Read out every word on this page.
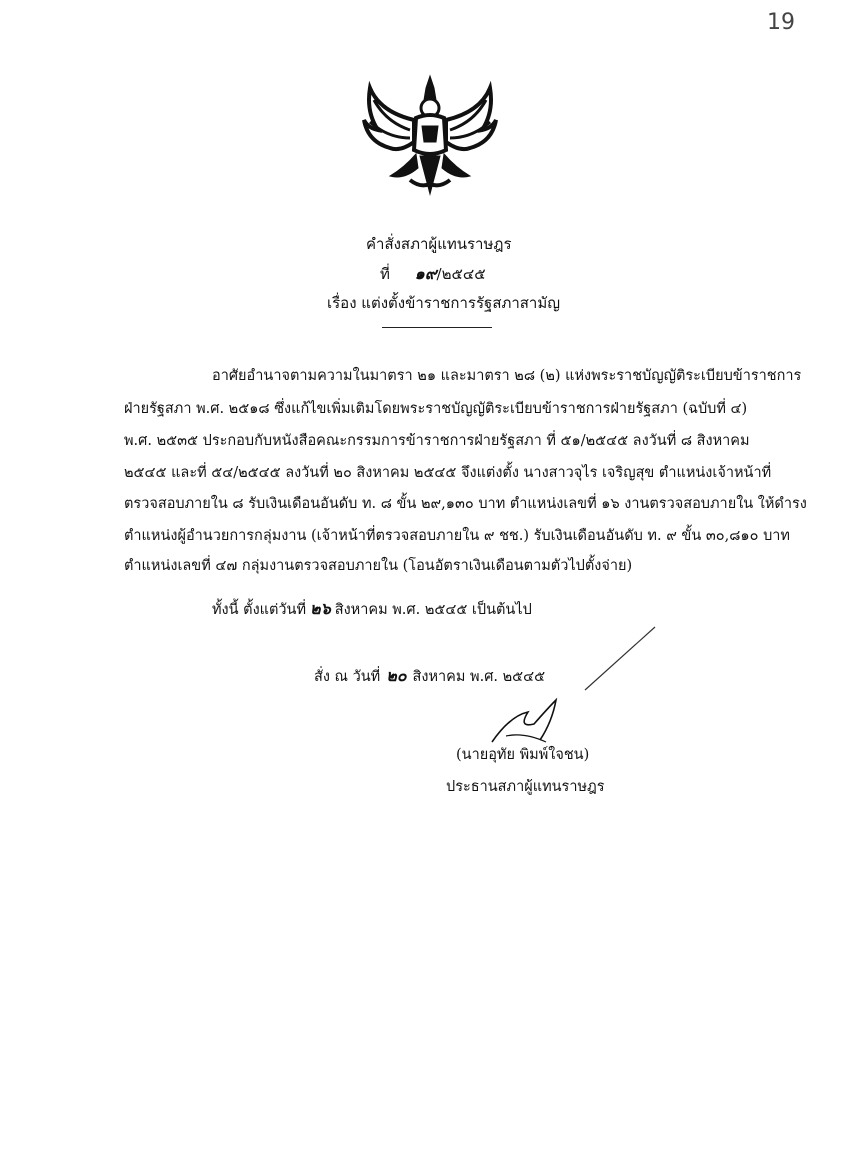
19
คำสั่งสภาผู้แทนราษฎร
ที่ ๑๙/๒๕๔๕
เรื่อง แต่งตั้งข้าราชการรัฐสภาสามัญ
อาศัยอำนาจตามความในมาตรา ๒๑ และมาตรา ๒๘ (๒) แห่งพระราชบัญญัติระเบียบข้าราชการ
ฝ่ายรัฐสภา พ.ศ. ๒๕๑๘ ซึ่งแก้ไขเพิ่มเติมโดยพระราชบัญญัติระเบียบข้าราชการฝ่ายรัฐสภา (ฉบับที่ ๔)
พ.ศ. ๒๕๓๕ ประกอบกับหนังสือคณะกรรมการข้าราชการฝ่ายรัฐสภา ที่ ๕๑/๒๕๔๕ ลงวันที่ ๘ สิงหาคม
๒๕๔๕ และที่ ๕๔/๒๕๔๕ ลงวันที่ ๒๐ สิงหาคม ๒๕๔๕ จึงแต่งตั้ง นางสาวจุไร เจริญสุข ตำแหน่งเจ้าหน้าที่
ตรวจสอบภายใน ๘ รับเงินเดือนอันดับ ท. ๘ ขั้น ๒๙,๑๓๐ บาท ตำแหน่งเลขที่ ๑๖ งานตรวจสอบภายใน ให้ดำรง
ตำแหน่งผู้อำนวยการกลุ่มงาน (เจ้าหน้าที่ตรวจสอบภายใน ๙ ชช.) รับเงินเดือนอันดับ ท. ๙ ขั้น ๓๐,๘๑๐ บาท
ตำแหน่งเลขที่ ๔๗ กลุ่มงานตรวจสอบภายใน (โอนอัตราเงินเดือนตามตัวไปตั้งจ่าย)
ทั้งนี้ ตั้งแต่วันที่ ๒๖ สิงหาคม พ.ศ. ๒๕๔๕ เป็นต้นไป
สั่ง ณ วันที่ ๒๐ สิงหาคม พ.ศ. ๒๕๔๕
(นายอุทัย พิมพ์ใจชน)
ประธานสภาผู้แทนราษฎร
